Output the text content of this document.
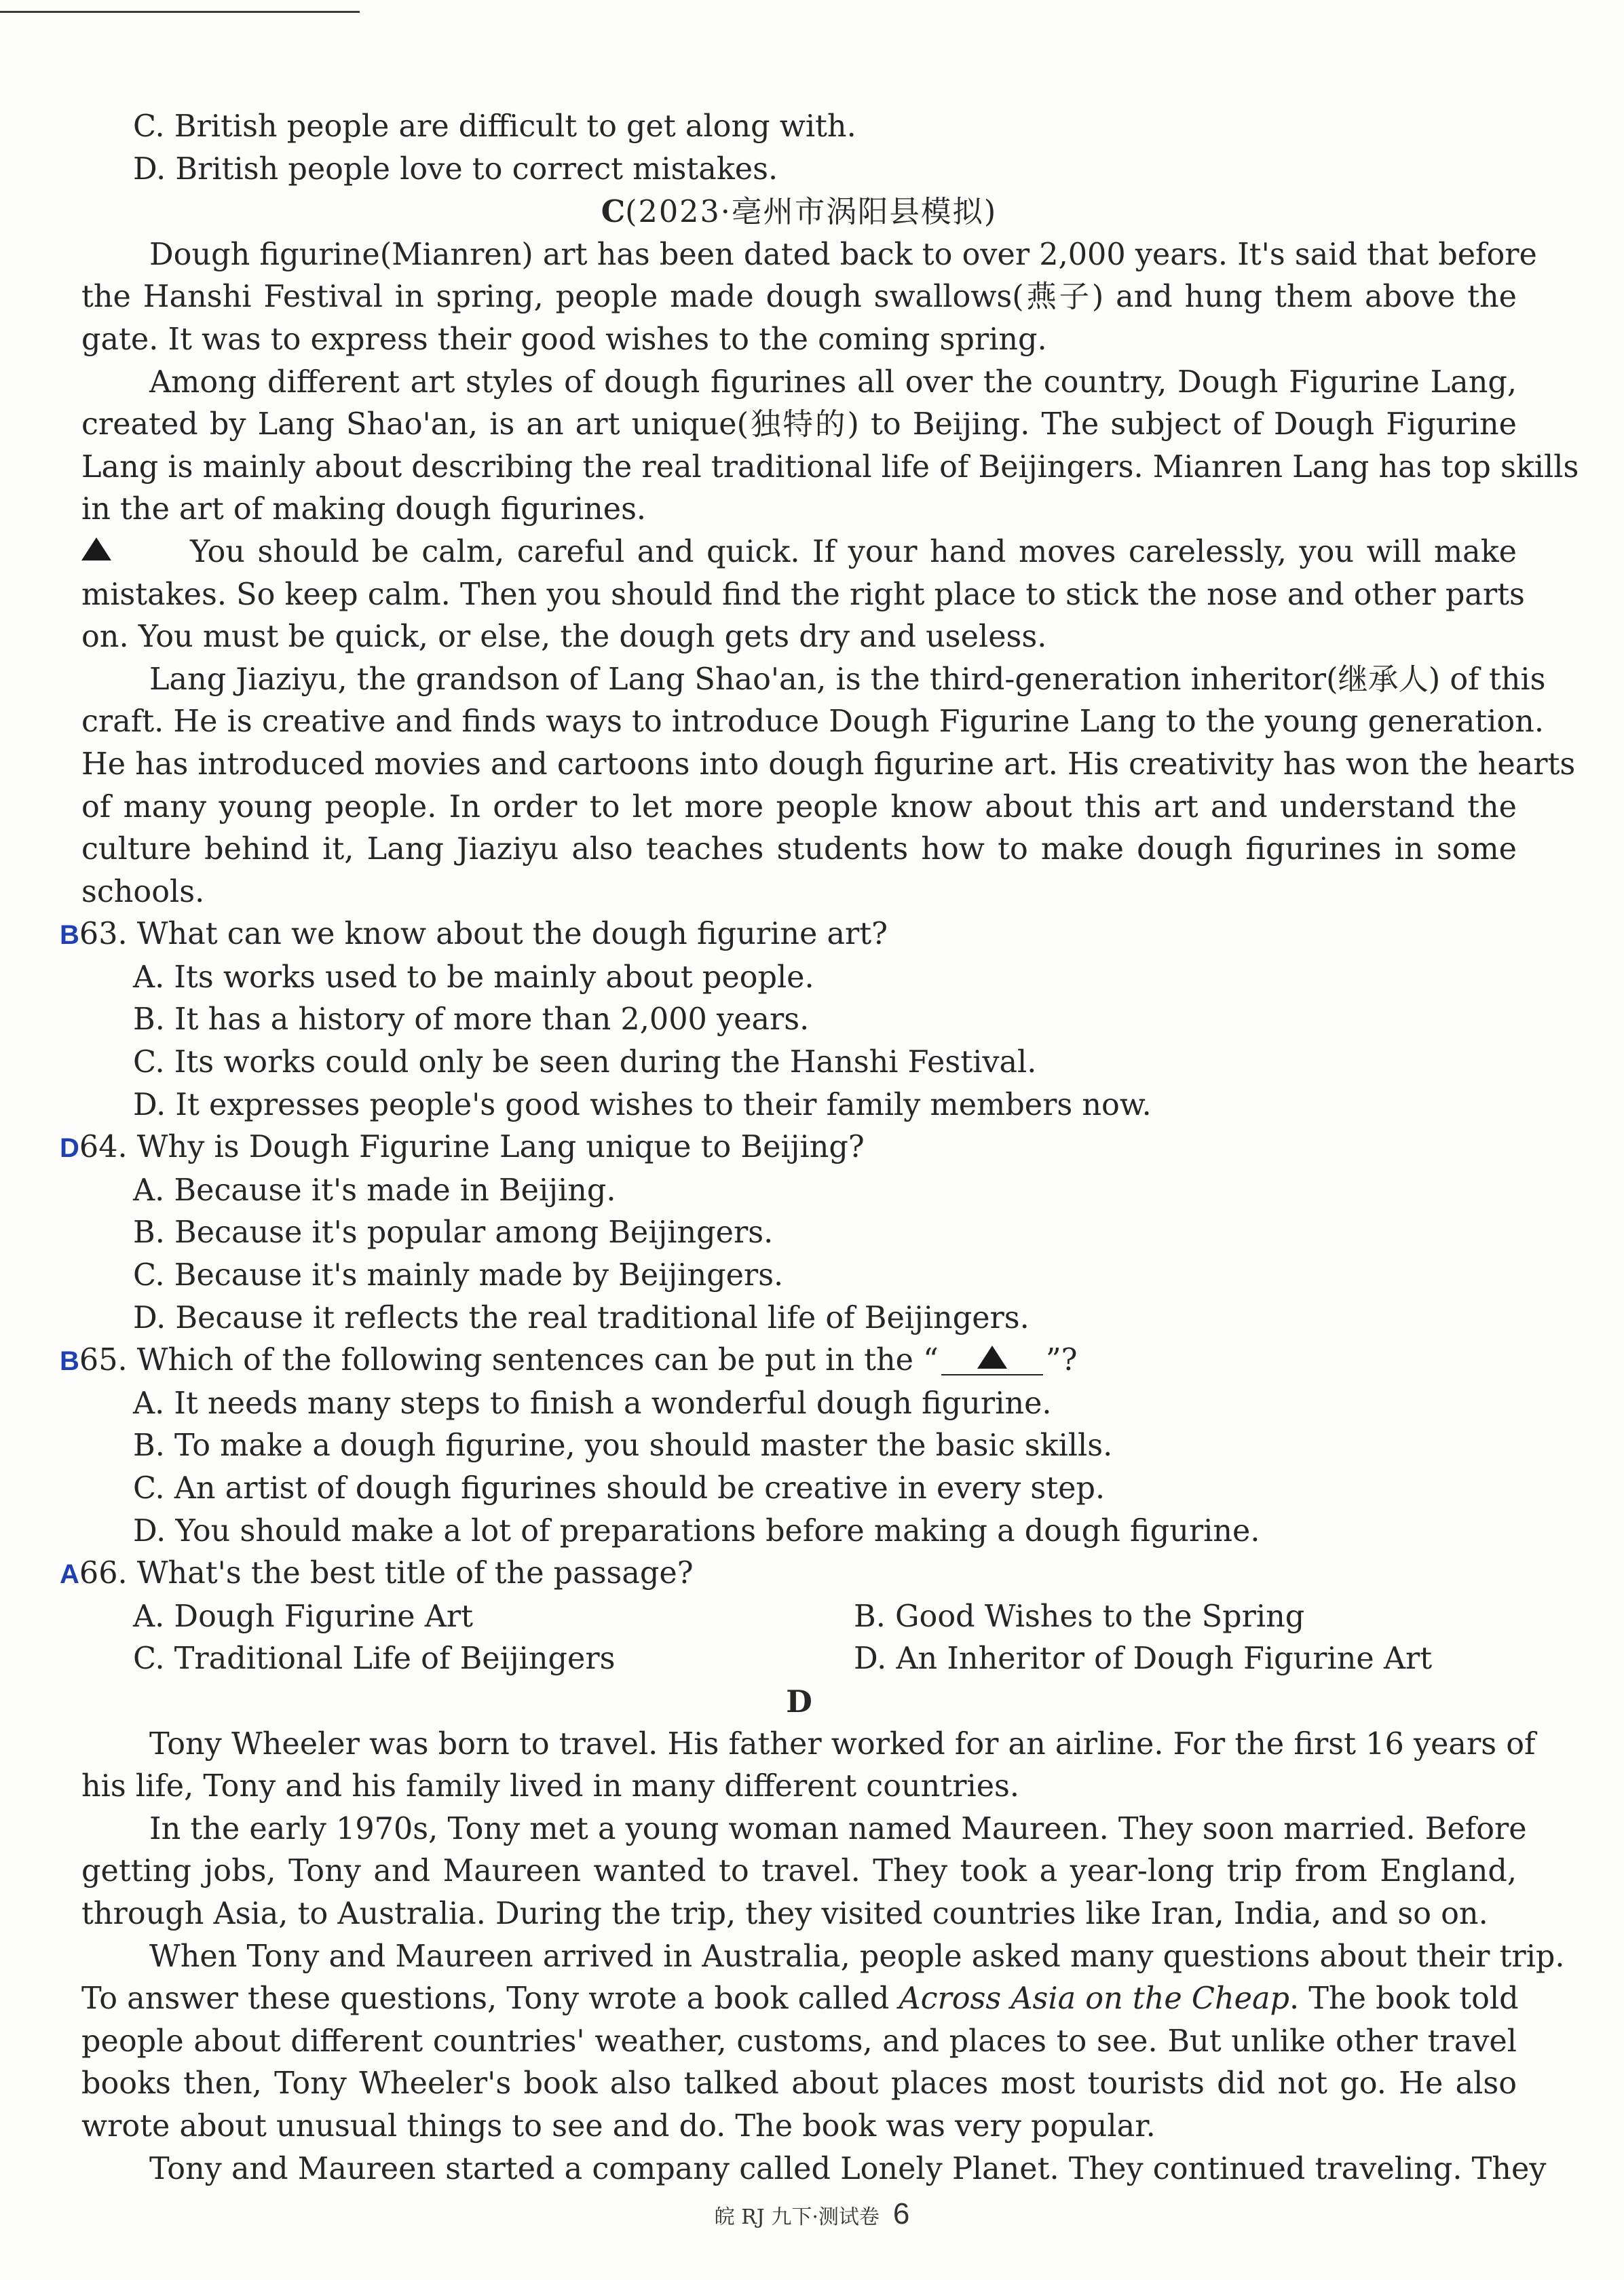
C. British people are difficult to get along with.
D. British people love to correct mistakes.
C(2023·亳州市涡阳县模拟)
Dough figurine(Mianren) art has been dated back to over 2,000 years. It's said that before
the Hanshi Festival in spring, people made dough swallows(燕子) and hung them above the
gate. It was to express their good wishes to the coming spring.
Among different art styles of dough figurines all over the country, Dough Figurine Lang,
created by Lang Shao'an, is an art unique(独特的) to Beijing. The subject of Dough Figurine
Lang is mainly about describing the real traditional life of Beijingers. Mianren Lang has top skills
in the art of making dough figurines.
You should be calm, careful and quick. If your hand moves carelessly, you will make
mistakes. So keep calm. Then you should find the right place to stick the nose and other parts
on. You must be quick, or else, the dough gets dry and useless.
Lang Jiaziyu, the grandson of Lang Shao'an, is the third-generation inheritor(继承人) of this
craft. He is creative and finds ways to introduce Dough Figurine Lang to the young generation.
He has introduced movies and cartoons into dough figurine art. His creativity has won the hearts
of many young people. In order to let more people know about this art and understand the
culture behind it, Lang Jiaziyu also teaches students how to make dough figurines in some
schools.
B63. What can we know about the dough figurine art?
A. Its works used to be mainly about people.
B. It has a history of more than 2,000 years.
C. Its works could only be seen during the Hanshi Festival.
D. It expresses people's good wishes to their family members now.
D64. Why is Dough Figurine Lang unique to Beijing?
A. Because it's made in Beijing.
B. Because it's popular among Beijingers.
C. Because it's mainly made by Beijingers.
D. Because it reflects the real traditional life of Beijingers.
B65. Which of the following sentences can be put in the “	”?
A. It needs many steps to finish a wonderful dough figurine.
B. To make a dough figurine, you should master the basic skills.
C. An artist of dough figurines should be creative in every step.
D. You should make a lot of preparations before making a dough figurine.
A66. What's the best title of the passage?
A. Dough Figurine Art	B. Good Wishes to the Spring
C. Traditional Life of Beijingers	D. An Inheritor of Dough Figurine Art
D
Tony Wheeler was born to travel. His father worked for an airline. For the first 16 years of
his life, Tony and his family lived in many different countries.
In the early 1970s, Tony met a young woman named Maureen. They soon married. Before
getting jobs, Tony and Maureen wanted to travel. They took a year-long trip from England,
through Asia, to Australia. During the trip, they visited countries like Iran, India, and so on.
When Tony and Maureen arrived in Australia, people asked many questions about their trip.
To answer these questions, Tony wrote a book called Across Asia on the Cheap. The book told
people about different countries' weather, customs, and places to see. But unlike other travel
books then, Tony Wheeler's book also talked about places most tourists did not go. He also
wrote about unusual things to see and do. The book was very popular.
Tony and Maureen started a company called Lonely Planet. They continued traveling. They
皖 RJ 九下·测试卷 6
